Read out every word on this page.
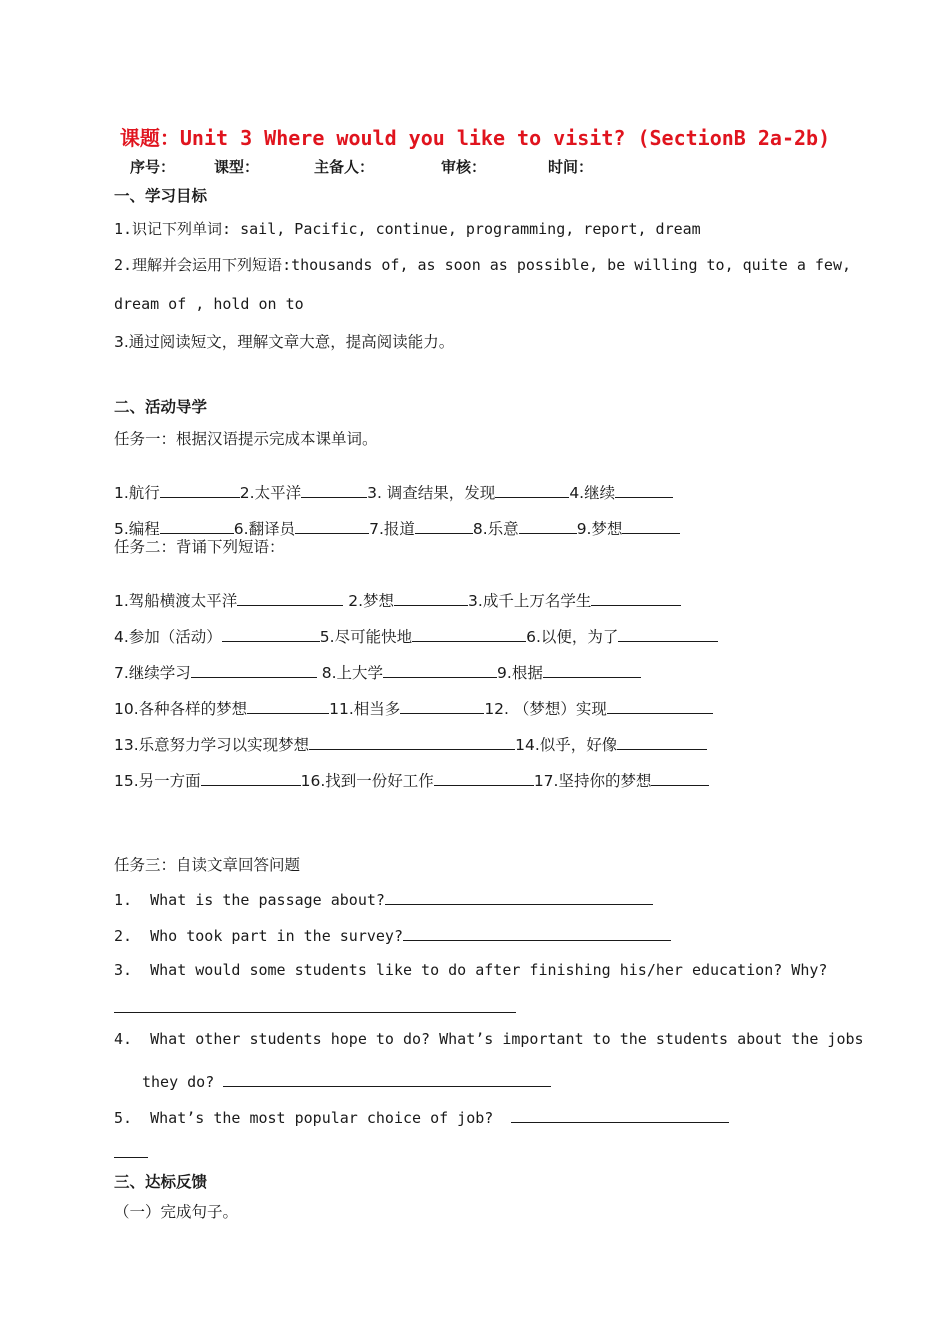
课题：Unit 3 Where would you like to visit? (SectionB 2a-2b)
序号：	课型：	主备人：	审核：	时间：
一、学习目标
1.识记下列单词: sail, Pacific, continue, programming, report, dream
2.理解并会运用下列短语:thousands of, as soon as possible, be willing to, quite a few,
dream of , hold on to
3.通过阅读短文，理解文章大意，提高阅读能力。
二、活动导学
任务一：根据汉语提示完成本课单词。

1.航行	2.太平洋	3. 调查结果，发现	4.继续

5.编程	6.翻译员	7.报道	8.乐意	9.梦想

任务二：背诵下列短语：

1.驾船横渡太平洋	2.梦想	3.成千上万名学生

4.参加（活动）	5.尽可能快地	6.以便，为了

7.继续学习	8.上大学	9.根据

10.各种各样的梦想	11.相当多	12. （梦想）实现

13.乐意努力学习以实现梦想	14.似乎，好像

15.另一方面	16.找到一份好工作	17.坚持你的梦想

任务三：自读文章回答问题
1.  What is the passage about?
2.  Who took part in the survey?
3.  What would some students like to do after finishing his/her education? Why?
4.  What other students hope to do? What’s important to the students about the jobs
they do?
5.  What’s the most popular choice of job?
三、达标反馈
（一）完成句子。
